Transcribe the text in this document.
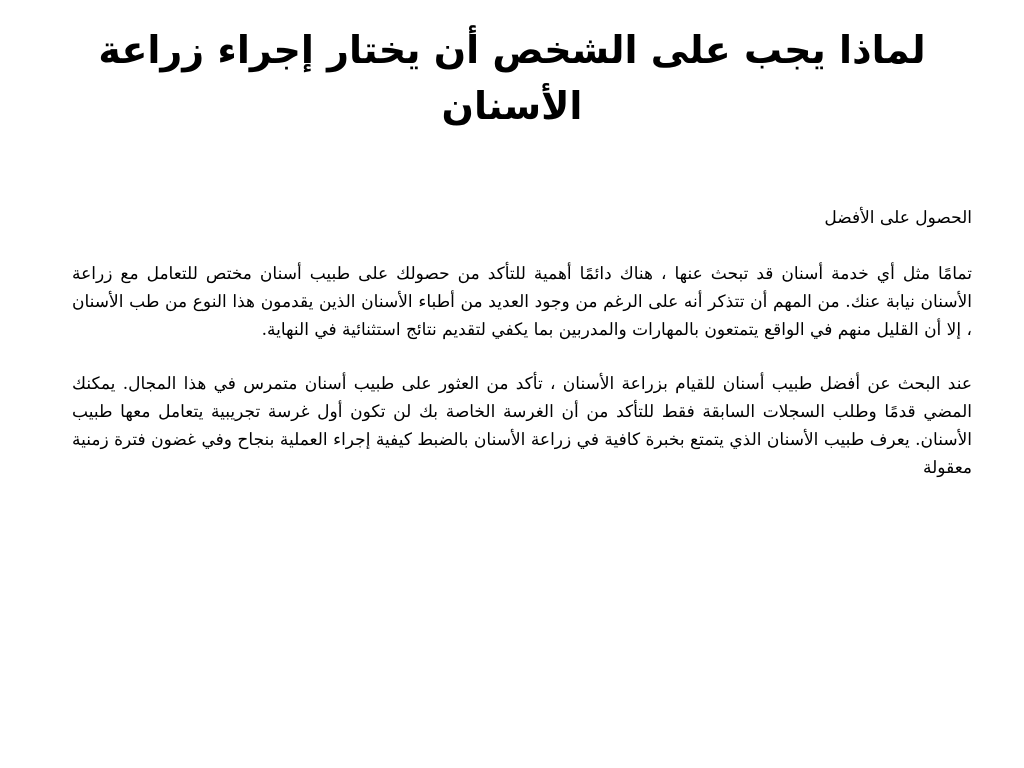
لماذا يجب على الشخص أن يختار إجراء زراعة الأسنان

الحصول على الأفضل

تمامًا مثل أي خدمة أسنان قد تبحث عنها ، هناك دائمًا أهمية للتأكد من حصولك على طبيب أسنان مختص للتعامل مع زراعة الأسنان نيابة عنك. من المهم أن تتذكر أنه على الرغم من وجود العديد من أطباء الأسنان الذين يقدمون هذا النوع من طب الأسنان ، إلا أن القليل منهم في الواقع يتمتعون بالمهارات والمدربين بما يكفي لتقديم نتائج استثنائية في النهاية.

عند البحث عن أفضل طبيب أسنان للقيام بزراعة الأسنان ، تأكد من العثور على طبيب أسنان متمرس في هذا المجال. يمكنك المضي قدمًا وطلب السجلات السابقة فقط للتأكد من أن الغرسة الخاصة بك لن تكون أول غرسة تجريبية يتعامل معها طبيب الأسنان. يعرف طبيب الأسنان الذي يتمتع بخبرة كافية في زراعة الأسنان بالضبط كيفية إجراء العملية بنجاح وفي غضون فترة زمنية معقولة
